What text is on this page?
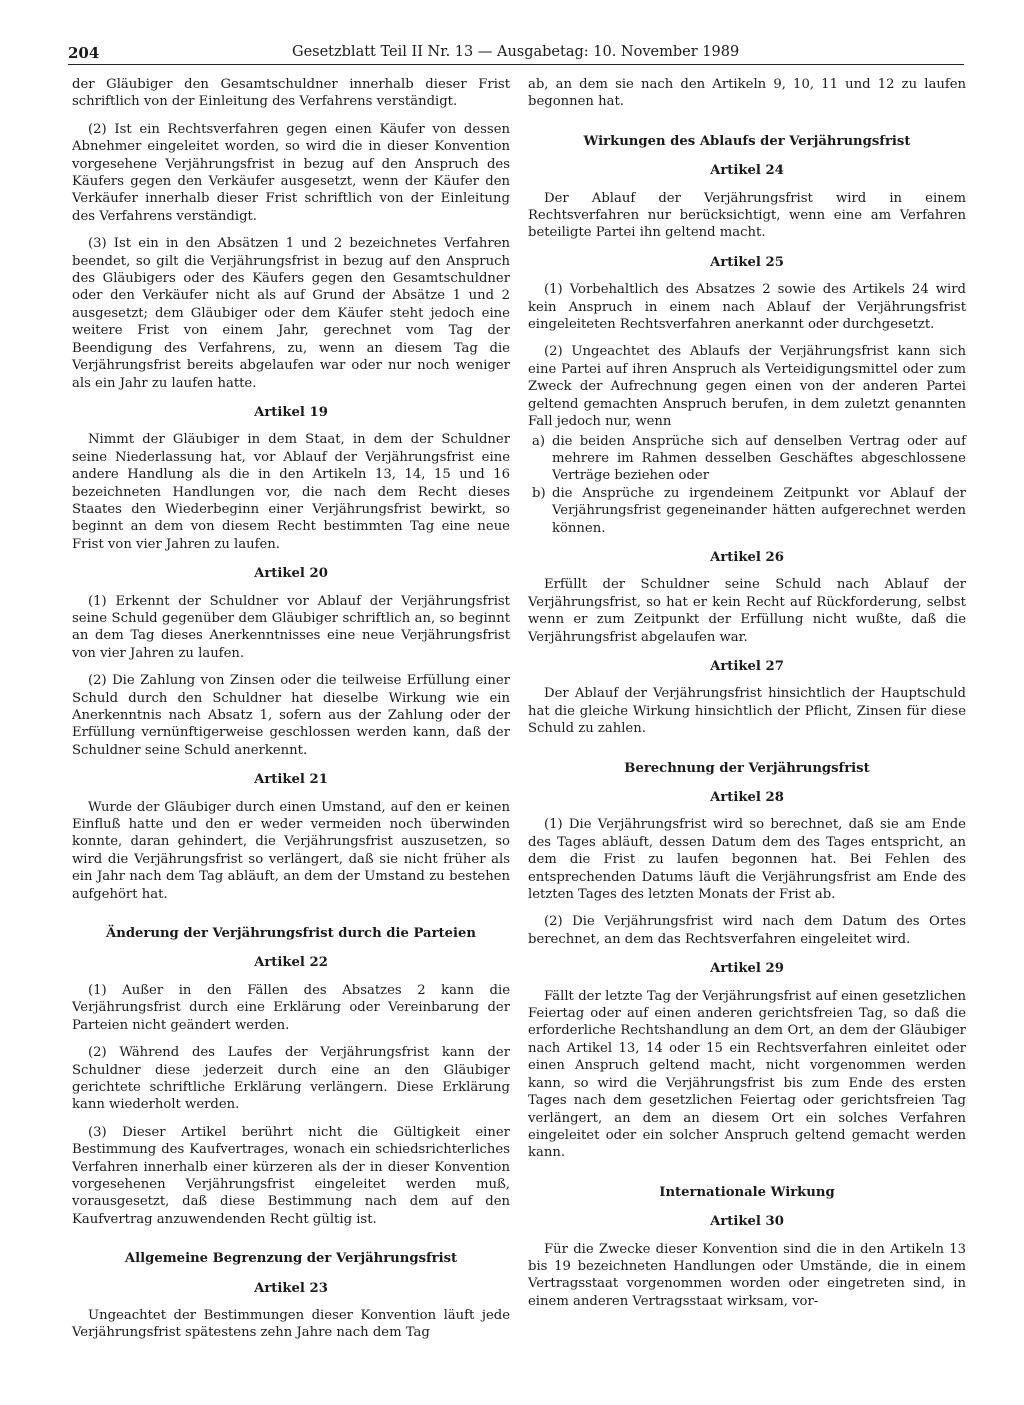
204	Gesetzblatt Teil II Nr. 13 — Ausgabetag: 10. November 1989

der Gläubiger den Gesamtschuldner innerhalb dieser Frist schriftlich von der Einleitung des Verfahrens verständigt.

(2) Ist ein Rechtsverfahren gegen einen Käufer von dessen Abnehmer eingeleitet worden, so wird die in dieser Konvention vorgesehene Verjährungsfrist in bezug auf den Anspruch des Käufers gegen den Verkäufer ausgesetzt, wenn der Käufer den Verkäufer innerhalb dieser Frist schriftlich von der Einleitung des Verfahrens verständigt.

(3) Ist ein in den Absätzen 1 und 2 bezeichnetes Verfahren beendet, so gilt die Verjährungsfrist in bezug auf den Anspruch des Gläubigers oder des Käufers gegen den Gesamtschuldner oder den Verkäufer nicht als auf Grund der Absätze 1 und 2 ausgesetzt; dem Gläubiger oder dem Käufer steht jedoch eine weitere Frist von einem Jahr, gerechnet vom Tag der Beendigung des Verfahrens, zu, wenn an diesem Tag die Verjährungsfrist bereits abgelaufen war oder nur noch weniger als ein Jahr zu laufen hatte.

Artikel 19

Nimmt der Gläubiger in dem Staat, in dem der Schuldner seine Niederlassung hat, vor Ablauf der Verjährungsfrist eine andere Handlung als die in den Artikeln 13, 14, 15 und 16 bezeichneten Handlungen vor, die nach dem Recht dieses Staates den Wiederbeginn einer Verjährungsfrist bewirkt, so beginnt an dem von diesem Recht bestimmten Tag eine neue Frist von vier Jahren zu laufen.

Artikel 20

(1) Erkennt der Schuldner vor Ablauf der Verjährungsfrist seine Schuld gegenüber dem Gläubiger schriftlich an, so beginnt an dem Tag dieses Anerkenntnisses eine neue Verjährungsfrist von vier Jahren zu laufen.

(2) Die Zahlung von Zinsen oder die teilweise Erfüllung einer Schuld durch den Schuldner hat dieselbe Wirkung wie ein Anerkenntnis nach Absatz 1, sofern aus der Zahlung oder der Erfüllung vernünftigerweise geschlossen werden kann, daß der Schuldner seine Schuld anerkennt.

Artikel 21

Wurde der Gläubiger durch einen Umstand, auf den er keinen Einfluß hatte und den er weder vermeiden noch überwinden konnte, daran gehindert, die Verjährungsfrist auszusetzen, so wird die Verjährungsfrist so verlängert, daß sie nicht früher als ein Jahr nach dem Tag abläuft, an dem der Umstand zu bestehen aufgehört hat.

Änderung der Verjährungsfrist durch die Parteien
Artikel 22

(1) Außer in den Fällen des Absatzes 2 kann die Verjährungsfrist durch eine Erklärung oder Vereinbarung der Parteien nicht geändert werden.

(2) Während des Laufes der Verjährungsfrist kann der Schuldner diese jederzeit durch eine an den Gläubiger gerichtete schriftliche Erklärung verlängern. Diese Erklärung kann wiederholt werden.

(3) Dieser Artikel berührt nicht die Gültigkeit einer Bestimmung des Kaufvertrages, wonach ein schiedsrichterliches Verfahren innerhalb einer kürzeren als der in dieser Konvention vorgesehenen Verjährungsfrist eingeleitet werden muß, vorausgesetzt, daß diese Bestimmung nach dem auf den Kaufvertrag anzuwendenden Recht gültig ist.

Allgemeine Begrenzung der Verjährungsfrist
Artikel 23

Ungeachtet der Bestimmungen dieser Konvention läuft jede Verjährungsfrist spätestens zehn Jahre nach dem Tag

ab, an dem sie nach den Artikeln 9, 10, 11 und 12 zu laufen begonnen hat.

Wirkungen des Ablaufs der Verjährungsfrist
Artikel 24

Der Ablauf der Verjährungsfrist wird in einem Rechtsverfahren nur berücksichtigt, wenn eine am Verfahren beteiligte Partei ihn geltend macht.

Artikel 25

(1) Vorbehaltlich des Absatzes 2 sowie des Artikels 24 wird kein Anspruch in einem nach Ablauf der Verjährungsfrist eingeleiteten Rechtsverfahren anerkannt oder durchgesetzt.

(2) Ungeachtet des Ablaufs der Verjährungsfrist kann sich eine Partei auf ihren Anspruch als Verteidigungsmittel oder zum Zweck der Aufrechnung gegen einen von der anderen Partei geltend gemachten Anspruch berufen, in dem zuletzt genannten Fall jedoch nur, wenn

a) die beiden Ansprüche sich auf denselben Vertrag oder auf mehrere im Rahmen desselben Geschäftes abgeschlossene Verträge beziehen oder
b) die Ansprüche zu irgendeinem Zeitpunkt vor Ablauf der Verjährungsfrist gegeneinander hätten aufgerechnet werden können.
Artikel 26

Erfüllt der Schuldner seine Schuld nach Ablauf der Verjährungsfrist, so hat er kein Recht auf Rückforderung, selbst wenn er zum Zeitpunkt der Erfüllung nicht wußte, daß die Verjährungsfrist abgelaufen war.

Artikel 27

Der Ablauf der Verjährungsfrist hinsichtlich der Hauptschuld hat die gleiche Wirkung hinsichtlich der Pflicht, Zinsen für diese Schuld zu zahlen.

Berechnung der Verjährungsfrist
Artikel 28

(1) Die Verjährungsfrist wird so berechnet, daß sie am Ende des Tages abläuft, dessen Datum dem des Tages entspricht, an dem die Frist zu laufen begonnen hat. Bei Fehlen des entsprechenden Datums läuft die Verjährungsfrist am Ende des letzten Tages des letzten Monats der Frist ab.

(2) Die Verjährungsfrist wird nach dem Datum des Ortes berechnet, an dem das Rechtsverfahren eingeleitet wird.

Artikel 29

Fällt der letzte Tag der Verjährungsfrist auf einen gesetzlichen Feiertag oder auf einen anderen gerichtsfreien Tag, so daß die erforderliche Rechtshandlung an dem Ort, an dem der Gläubiger nach Artikel 13, 14 oder 15 ein Rechtsverfahren einleitet oder einen Anspruch geltend macht, nicht vorgenommen werden kann, so wird die Verjährungsfrist bis zum Ende des ersten Tages nach dem gesetzlichen Feiertag oder gerichtsfreien Tag verlängert, an dem an diesem Ort ein solches Verfahren eingeleitet oder ein solcher Anspruch geltend gemacht werden kann.

Internationale Wirkung
Artikel 30

Für die Zwecke dieser Konvention sind die in den Artikeln 13 bis 19 bezeichneten Handlungen oder Umstände, die in einem Vertragsstaat vorgenommen worden oder eingetreten sind, in einem anderen Vertragsstaat wirksam, vor-
